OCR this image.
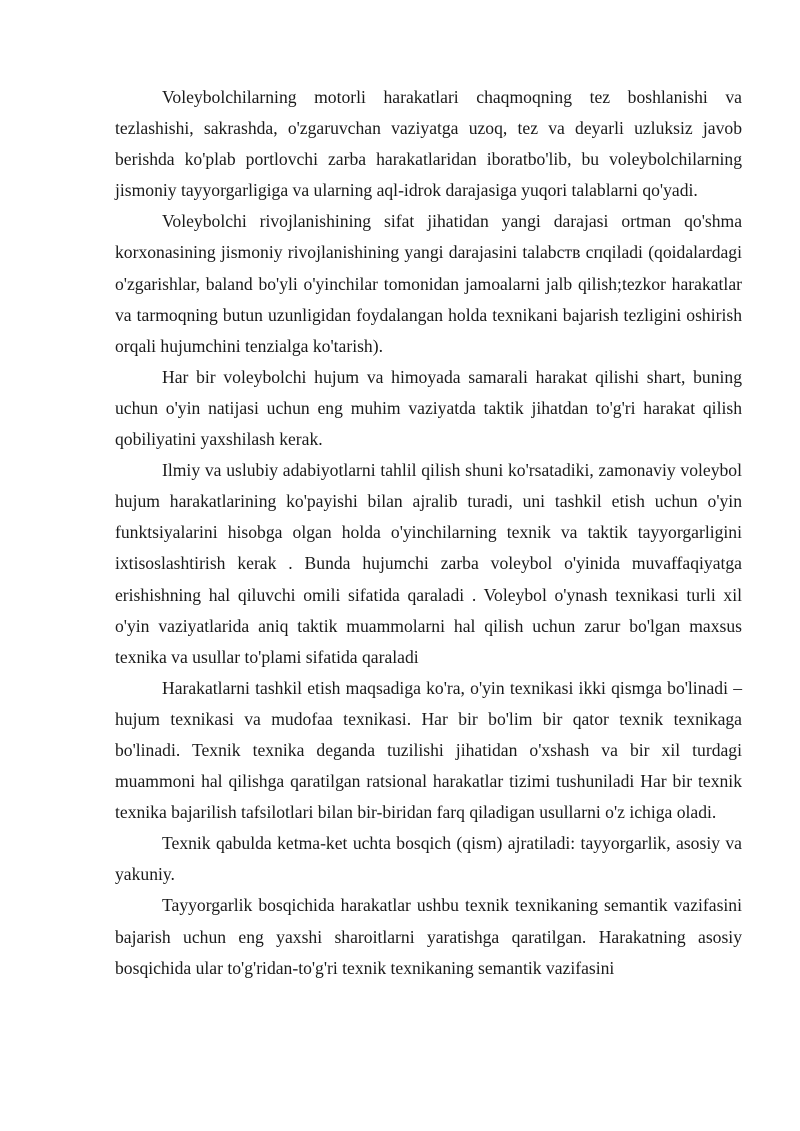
Voleybolchilarning motorli harakatlari chaqmoqning tez boshlanishi va tezlashishi, sakrashda, o'zgaruvchan vaziyatga uzoq, tez va deyarli uzluksiz javob berishda ko'plab portlovchi zarba harakatlaridan iboratbo'lib, bu voleybolchilarning jismoniy tayyorgarligiga va ularning aql-idrok darajasiga yuqori talablarni qo'yadi.

Voleybolchi rivojlanishining sifat jihatidan yangi darajasi ortman qo'shma korxonasining jismoniy rivojlanishining yangi darajasini talabств спqiladi (qoidalardagi o'zgarishlar, baland bo'yli o'yinchilar tomonidan jamoalarni jalb qilish;tezkor harakatlar va tarmoqning butun uzunligidan foydalangan holda texnikani bajarish tezligini oshirish orqali hujumchini tenzialga ko'tarish).

Har bir voleybolchi hujum va himoyada samarali harakat qilishi shart, buning uchun o'yin natijasi uchun eng muhim vaziyatda taktik jihatdan to'g'ri harakat qilish qobiliyatini yaxshilash kerak.

Ilmiy va uslubiy adabiyotlarni tahlil qilish shuni ko'rsatadiki, zamonaviy voleybol hujum harakatlarining ko'payishi bilan ajralib turadi, uni tashkil etish uchun o'yin funktsiyalarini hisobga olgan holda o'yinchilarning texnik va taktik tayyorgarligini ixtisoslashtirish kerak . Bunda hujumchi zarba voleybol o'yinida muvaffaqiyatga erishishning hal qiluvchi omili sifatida qaraladi . Voleybol o'ynash texnikasi turli xil o'yin vaziyatlarida aniq taktik muammolarni hal qilish uchun zarur bo'lgan maxsus texnika va usullar to'plami sifatida qaraladi

Harakatlarni tashkil etish maqsadiga ko'ra, o'yin texnikasi ikki qismga bo'linadi – hujum texnikasi va mudofaa texnikasi. Har bir bo'lim bir qator texnik texnikaga bo'linadi. Texnik texnika deganda tuzilishi jihatidan o'xshash va bir xil turdagi muammoni hal qilishga qaratilgan ratsional harakatlar tizimi tushuniladi Har bir texnik texnika bajarilish tafsilotlari bilan bir-biridan farq qiladigan usullarni o'z ichiga oladi.

Texnik qabulda ketma-ket uchta bosqich (qism) ajratiladi: tayyorgarlik, asosiy va yakuniy.

Tayyorgarlik bosqichida harakatlar ushbu texnik texnikaning semantik vazifasini bajarish uchun eng yaxshi sharoitlarni yaratishga qaratilgan. Harakatning asosiy bosqichida ular to'g'ridan-to'g'ri texnik texnikaning semantik vazifasini
